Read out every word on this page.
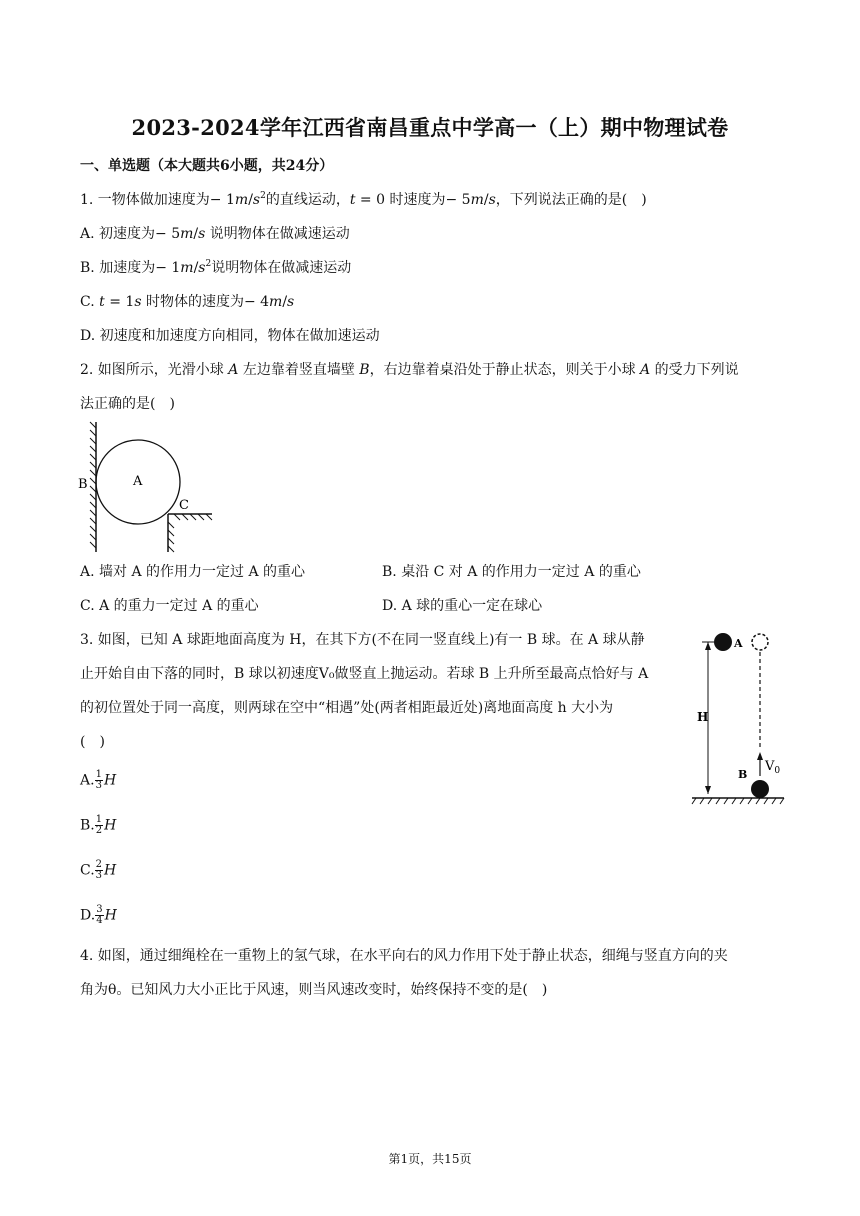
2023-2024学年江西省南昌重点中学高一（上）期中物理试卷
一、单选题（本大题共6小题，共24分）
1. 一物体做加速度为− $1m/s^2$的直线运动，t = 0 时速度为− 5m/s，下列说法正确的是(　)
A. 初速度为− 5m/s 说明物体在做减速运动
B. 加速度为− $1m/s^2$说明物体在做减速运动
C. t = 1s 时物体的速度为− 4m/s
D. 初速度和加速度方向相同，物体在做加速运动
2. 如图所示，光滑小球 A 左边靠着竖直墙壁 B，右边靠着桌沿处于静止状态，则关于小球 A 的受力下列说
法正确的是(　)
B	A
C
A. 墙对 A 的作用力一定过 A 的重心	B. 桌沿 C 对 A 的作用力一定过 A 的重心
C. A 的重力一定过 A 的重心	D. A 球的重心一定在球心
3. 如图，已知 A 球距地面高度为 H，在其下方(不在同一竖直线上)有一 B 球。在 A 球从静
止开始自由下落的同时，B 球以初速度V₀做竖直上抛运动。若球 B 上升所至最高点恰好与 A
的初位置处于同一高度，则两球在空中“相遇”处(两者相距最近处)离地面高度 h 大小为
(　)
A
H
$V_0$
B
A. $\frac{1}{3}$ H
B. $\frac{1}{2}$ H
C. $\frac{2}{3}$ H
D. $\frac{3}{4}$ H
4. 如图，通过细绳栓在一重物上的氢气球，在水平向右的风力作用下处于静止状态，细绳与竖直方向的夹
角为θ。已知风力大小正比于风速，则当风速改变时，始终保持不变的是(　)
第1页，共15页
